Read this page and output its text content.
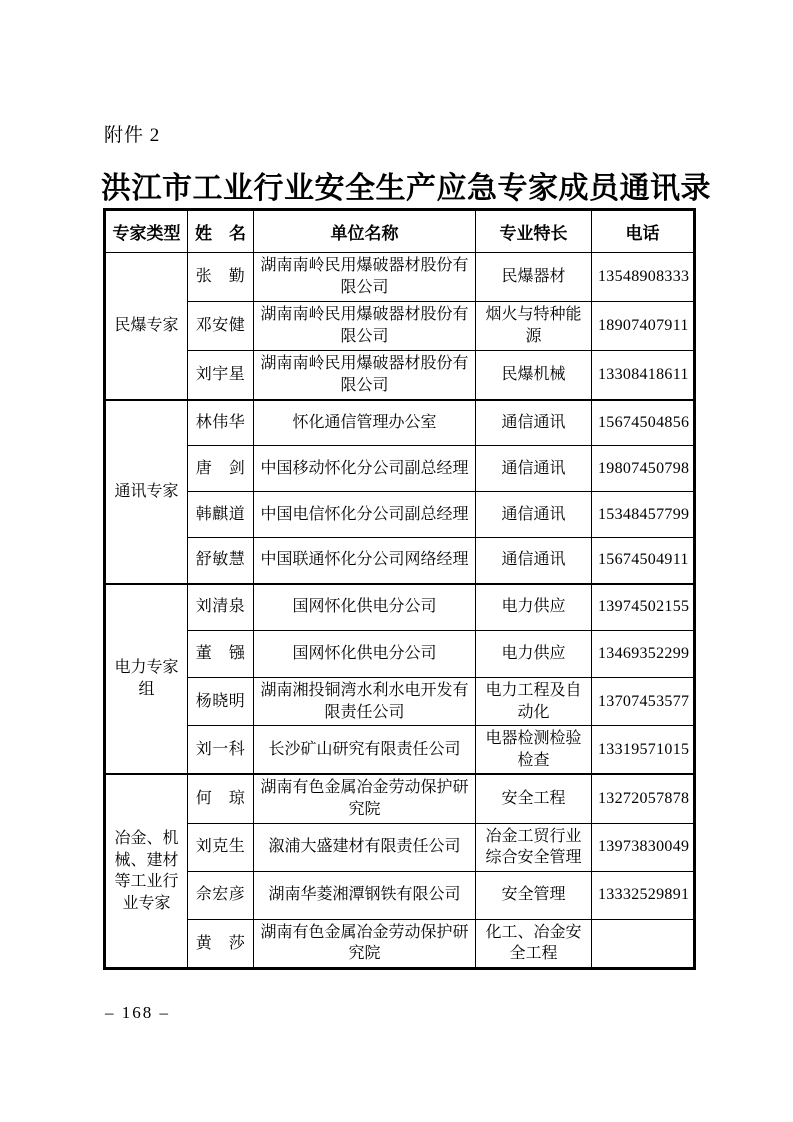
附件 2
洪江市工业行业安全生产应急专家成员通讯录
专家类型	姓　名	单位名称	专业特长	电话
民爆专家	张　勤	湖南南岭民用爆破器材股份有限公司	民爆器材	13548908333
	邓安健	湖南南岭民用爆破器材股份有限公司	烟火与特种能源	18907407911
	刘宇星	湖南南岭民用爆破器材股份有限公司	民爆机械	13308418611
通讯专家	林伟华	怀化通信管理办公室	通信通讯	15674504856
	唐　剑	中国移动怀化分公司副总经理	通信通讯	19807450798
	韩麒道	中国电信怀化分公司副总经理	通信通讯	15348457799
	舒敏慧	中国联通怀化分公司网络经理	通信通讯	15674504911
电力专家组	刘清泉	国网怀化供电分公司	电力供应	13974502155
	董　镪	国网怀化供电分公司	电力供应	13469352299
	杨晓明	湖南湘投铜湾水利水电开发有限责任公司	电力工程及自动化	13707453577
	刘一科	长沙矿山研究有限责任公司	电器检测检验检查	13319571015
冶金、机械、建材等工业行业专家	何　琼	湖南有色金属冶金劳动保护研究院	安全工程	13272057878
	刘克生	溆浦大盛建材有限责任公司	冶金工贸行业综合安全管理	13973830049
	佘宏彦	湖南华菱湘潭钢铁有限公司	安全管理	13332529891
	黄　莎	湖南有色金属冶金劳动保护研究院	化工、冶金安全工程	
– 168 –
